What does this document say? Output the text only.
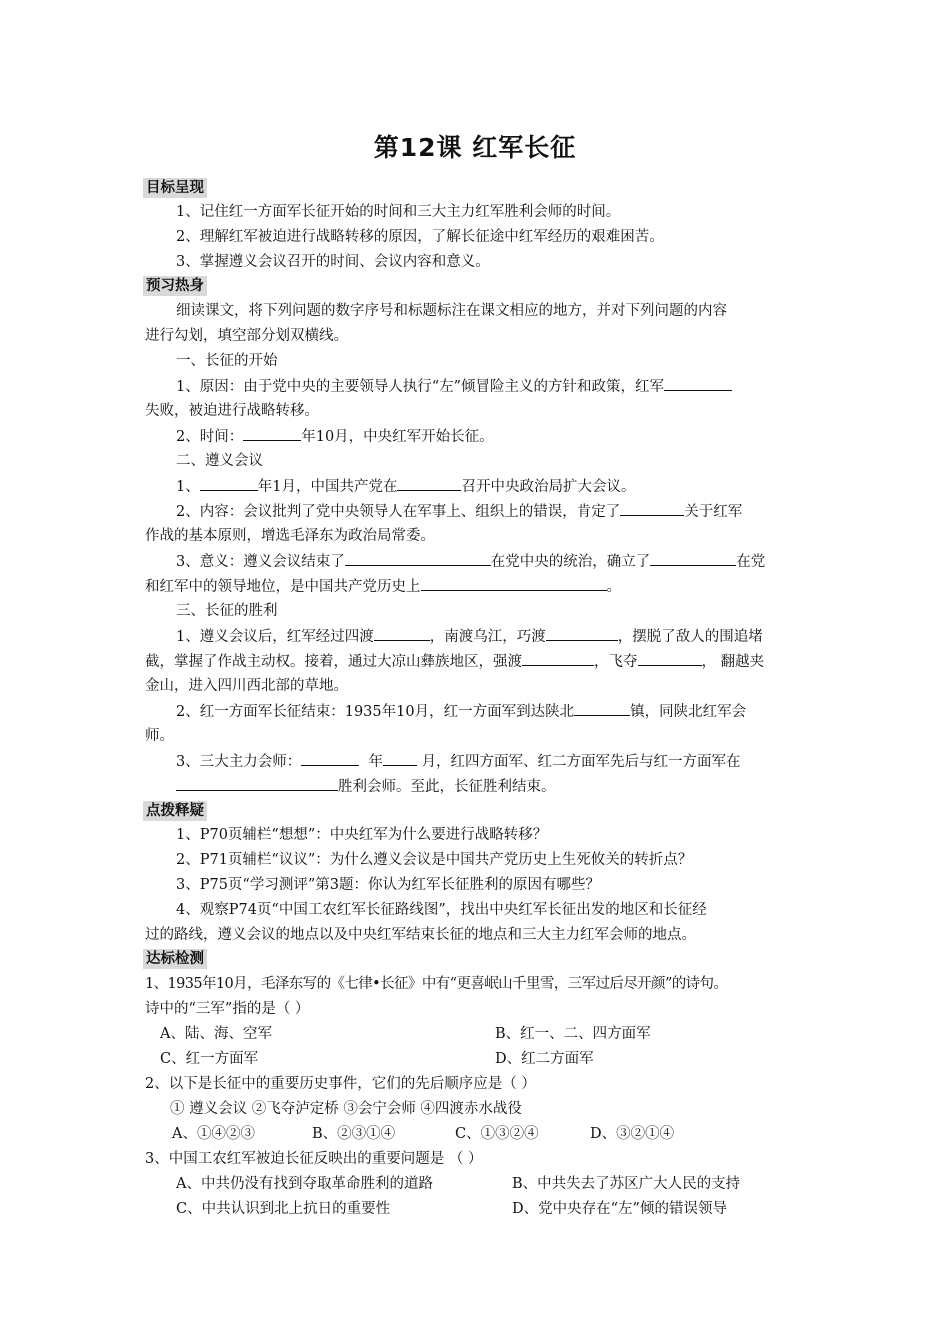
第12课 红军长征
目标呈现
1、记住红一方面军长征开始的时间和三大主力红军胜利会师的时间。
2、理解红军被迫进行战略转移的原因，了解长征途中红军经历的艰难困苦。
3、掌握遵义会议召开的时间、会议内容和意义。
预习热身
细读课文，将下列问题的数字序号和标题标注在课文相应的地方，并对下列问题的内容
进行勾划，填空部分划双横线。
一、长征的开始
1、原因：由于党中央的主要领导人执行“左”倾冒险主义的方针和政策，红军
失败，被迫进行战略转移。
2、时间：	年10月，中央红军开始长征。
二、遵义会议
1、	年1月，中国共产党在	召开中央政治局扩大会议。
2、内容：会议批判了党中央领导人在军事上、组织上的错误，肯定了	关于红军
作战的基本原则，增选毛泽东为政治局常委。
3、意义：遵义会议结束了	在党中央的统治，确立了	在党
和红军中的领导地位，是中国共产党历史上	。
三、长征的胜利
1、遵义会议后，红军经过四渡	，南渡乌江，巧渡	，摆脱了敌人的围追堵
截，掌握了作战主动权。接着，通过大凉山彝族地区，强渡	，飞夺	， 翻越夹
金山，进入四川西北部的草地。
2、红一方面军长征结束：1935年10月，红一方面军到达陕北	镇，同陕北红军会
师。
3、三大主力会师：	年	月，红四方面军、红二方面军先后与红一方面军在
胜利会师。至此，长征胜利结束。
点拨释疑
1、P70页辅栏“想想”：中央红军为什么要进行战略转移？
2、P71页辅栏“议议”：为什么遵义会议是中国共产党历史上生死攸关的转折点？
3、P75页“学习测评”第3题：你认为红军长征胜利的原因有哪些？
4、观察P74页“中国工农红军长征路线图”，找出中央红军长征出发的地区和长征经
过的路线，遵义会议的地点以及中央红军结束长征的地点和三大主力红军会师的地点。
达标检测
1、1935年10月，毛泽东写的《七律•长征》中有“更喜岷山千里雪，三军过后尽开颜”的诗句。
诗中的“三军”指的是（ ）
A、陆、海、空军	B、红一、二、四方面军
C、红一方面军	D、红二方面军
2、以下是长征中的重要历史事件，它们的先后顺序应是（ ）
① 遵义会议 ②飞夺泸定桥 ③会宁会师 ④四渡赤水战役
A、①④②③	B、②③①④	C、①③②④	D、③②①④
3、中国工农红军被迫长征反映出的重要问题是 （ ）
A、中共仍没有找到夺取革命胜利的道路	B、中共失去了苏区广大人民的支持
C、中共认识到北上抗日的重要性	D、党中央存在“左”倾的错误领导
